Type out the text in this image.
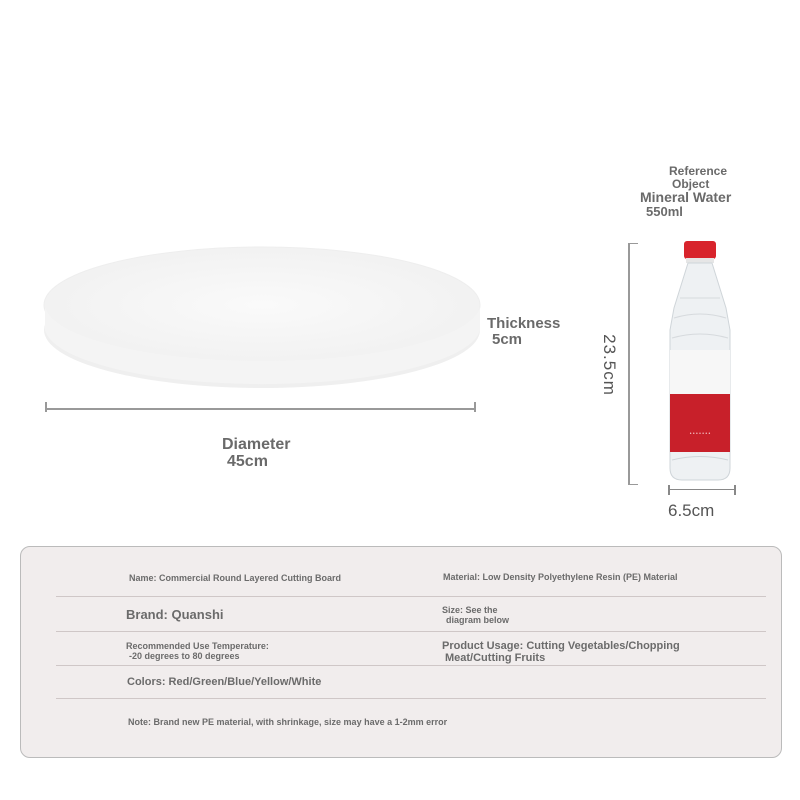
Thickness
5cm
Diameter
45cm
Reference
Object
Mineral Water
550ml
23.5cm
• • • • • • •
6.5cm
Name: Commercial Round Layered Cutting Board	Material: Low Density Polyethylene Resin (PE) Material
Brand: Quanshi	Size: See the
diagram below
Recommended Use Temperature:
-20 degrees to 80 degrees
Product Usage: Cutting Vegetables/Chopping
Meat/Cutting Fruits
Colors: Red/Green/Blue/Yellow/White
Note: Brand new PE material, with shrinkage, size may have a 1-2mm error
